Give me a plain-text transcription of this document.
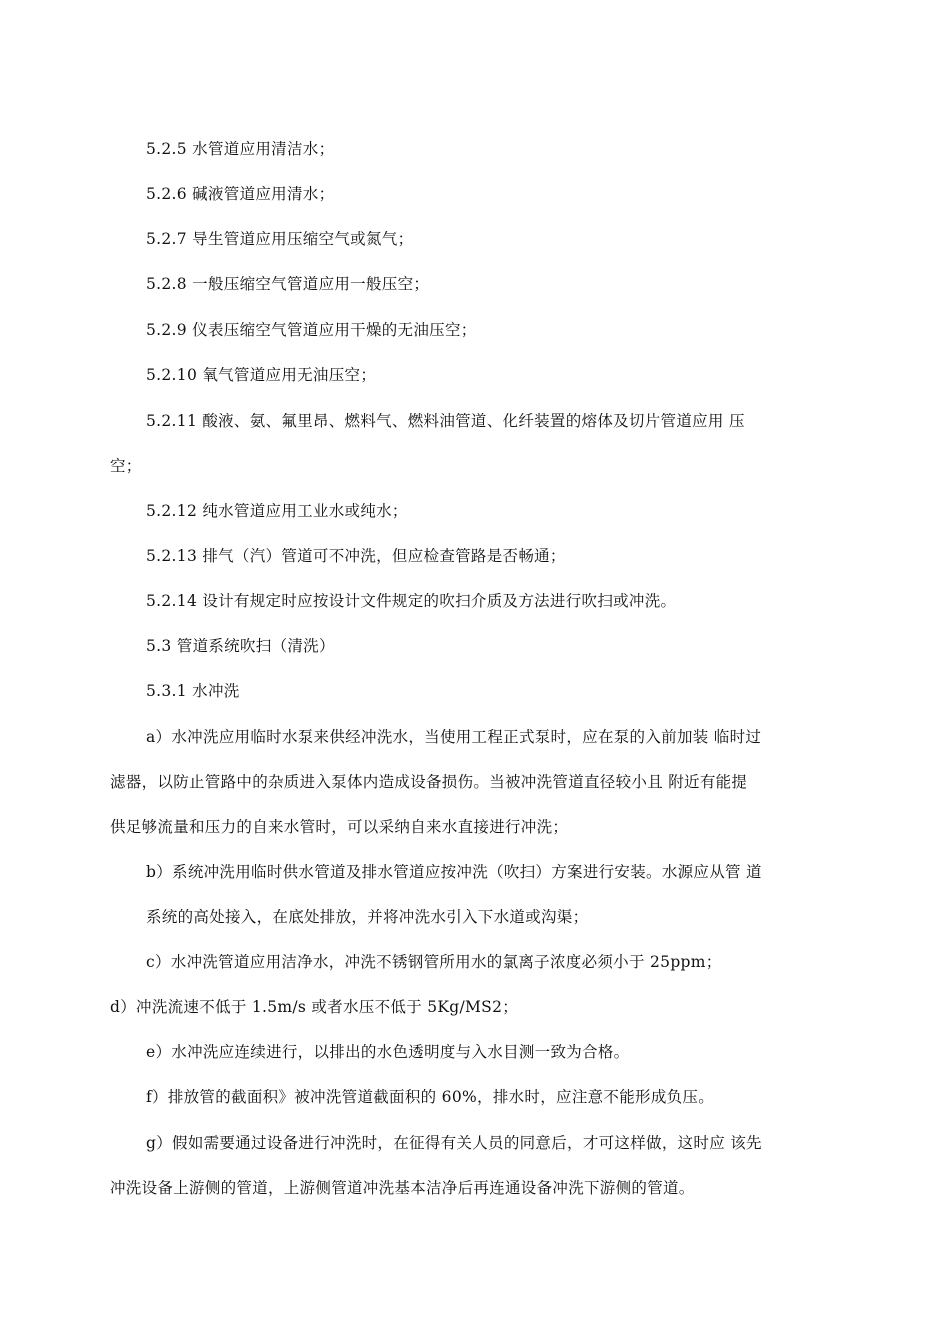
5.2.5 水管道应用清洁水；
5.2.6 碱液管道应用清水；
5.2.7 导生管道应用压缩空气或氮气；
5.2.8 一般压缩空气管道应用一般压空；
5.2.9 仪表压缩空气管道应用干燥的无油压空；
5.2.10 氧气管道应用无油压空；
5.2.11 酸液、氨、氟里昂、燃料气、燃料油管道、化纤装置的熔体及切片管道应用 压
空；
5.2.12 纯水管道应用工业水或纯水；
5.2.13 排气（汽）管道可不冲洗，但应检查管路是否畅通；
5.2.14 设计有规定时应按设计文件规定的吹扫介质及方法进行吹扫或冲洗。
5.3 管道系统吹扫（清洗）
5.3.1 水冲洗
a）水冲洗应用临时水泵来供经冲洗水，当使用工程正式泵时，应在泵的入前加装 临时过
滤器，以防止管路中的杂质进入泵体内造成设备损伤。当被冲洗管道直径较小且 附近有能提
供足够流量和压力的自来水管时，可以采纳自来水直接进行冲洗；
b）系统冲洗用临时供水管道及排水管道应按冲洗（吹扫）方案进行安装。水源应从管 道
系统的高处接入，在底处排放，并将冲洗水引入下水道或沟渠；
c）水冲洗管道应用洁净水，冲洗不锈钢管所用水的氯离子浓度必须小于 25ppm；
d）冲洗流速不低于 1.5m/s 或者水压不低于 5Kg/MS2；
e）水冲洗应连续进行，以排出的水色透明度与入水目测一致为合格。
f）排放管的截面积》被冲洗管道截面积的 60%，排水时，应注意不能形成负压。
g）假如需要通过设备进行冲洗时，在征得有关人员的同意后，才可这样做，这时应 该先
冲洗设备上游侧的管道，上游侧管道冲洗基本洁净后再连通设备冲洗下游侧的管道。
